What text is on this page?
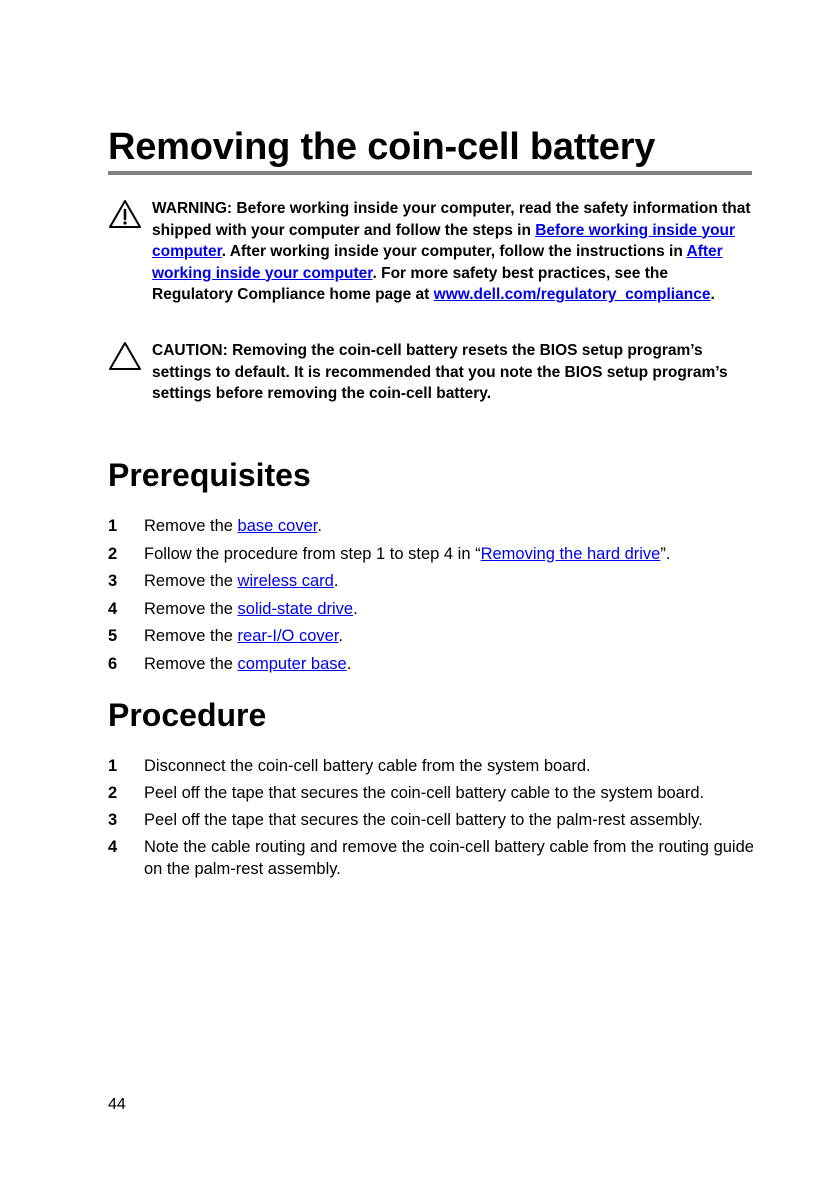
Removing the coin-cell battery
WARNING: Before working inside your computer, read the safety information that shipped with your computer and follow the steps in Before working inside your computer. After working inside your computer, follow the instructions in After working inside your computer. For more safety best practices, see the Regulatory Compliance home page at www.dell.com/regulatory_compliance.
CAUTION: Removing the coin-cell battery resets the BIOS setup program’s settings to default. It is recommended that you note the BIOS setup program’s settings before removing the coin-cell battery.
Prerequisites
1 Remove the base cover.
2 Follow the procedure from step 1 to step 4 in “Removing the hard drive”.
3 Remove the wireless card.
4 Remove the solid-state drive.
5 Remove the rear-I/O cover.
6 Remove the computer base.
Procedure
1 Disconnect the coin-cell battery cable from the system board.
2 Peel off the tape that secures the coin-cell battery cable to the system board.
3 Peel off the tape that secures the coin-cell battery to the palm-rest assembly.
4 Note the cable routing and remove the coin-cell battery cable from the routing guide on the palm-rest assembly.
44
